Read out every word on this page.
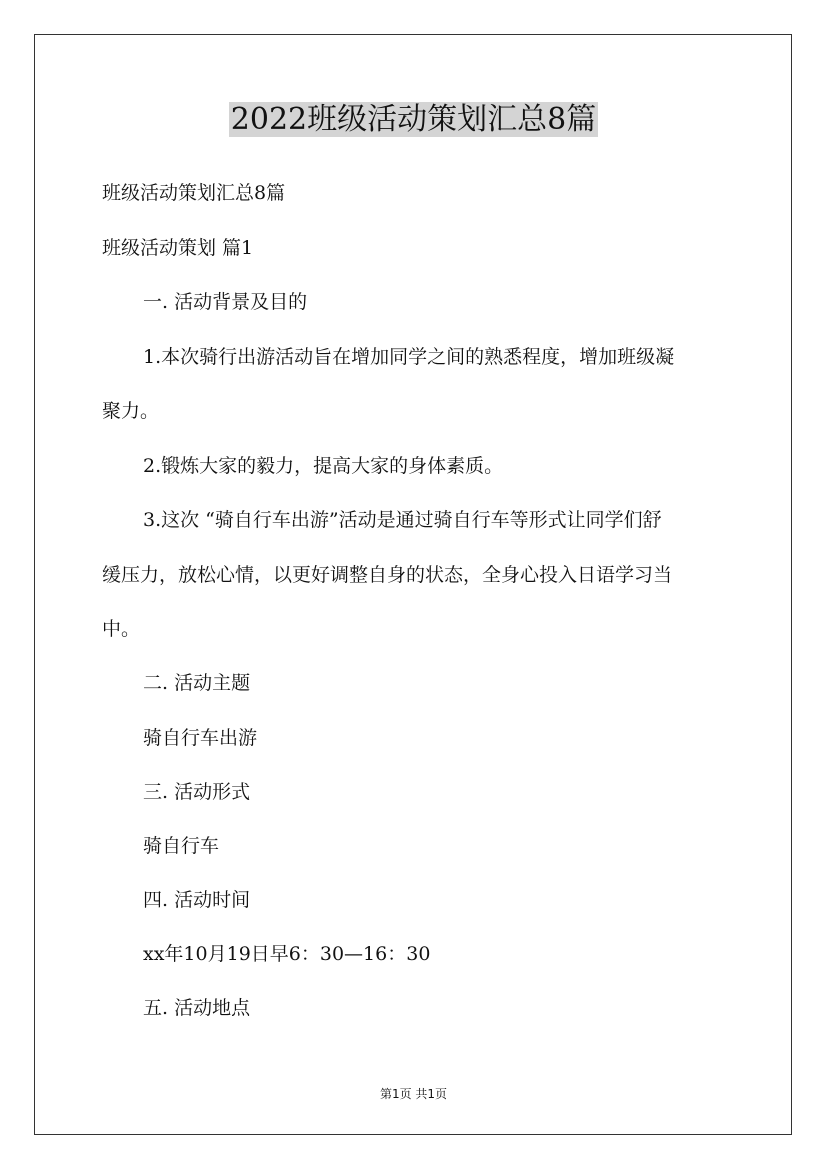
2022班级活动策划汇总8篇
班级活动策划汇总8篇
班级活动策划 篇1
一. 活动背景及目的
1.本次骑行出游活动旨在增加同学之间的熟悉程度，增加班级凝
聚力。
2.锻炼大家的毅力，提高大家的身体素质。
3.这次 “骑自行车出游”活动是通过骑自行车等形式让同学们舒
缓压力，放松心情，以更好调整自身的状态，全身心投入日语学习当
中。
二. 活动主题
骑自行车出游
三. 活动形式
骑自行车
四. 活动时间
xx年10月19日早6：30—16：30
五. 活动地点
第1页 共1页
